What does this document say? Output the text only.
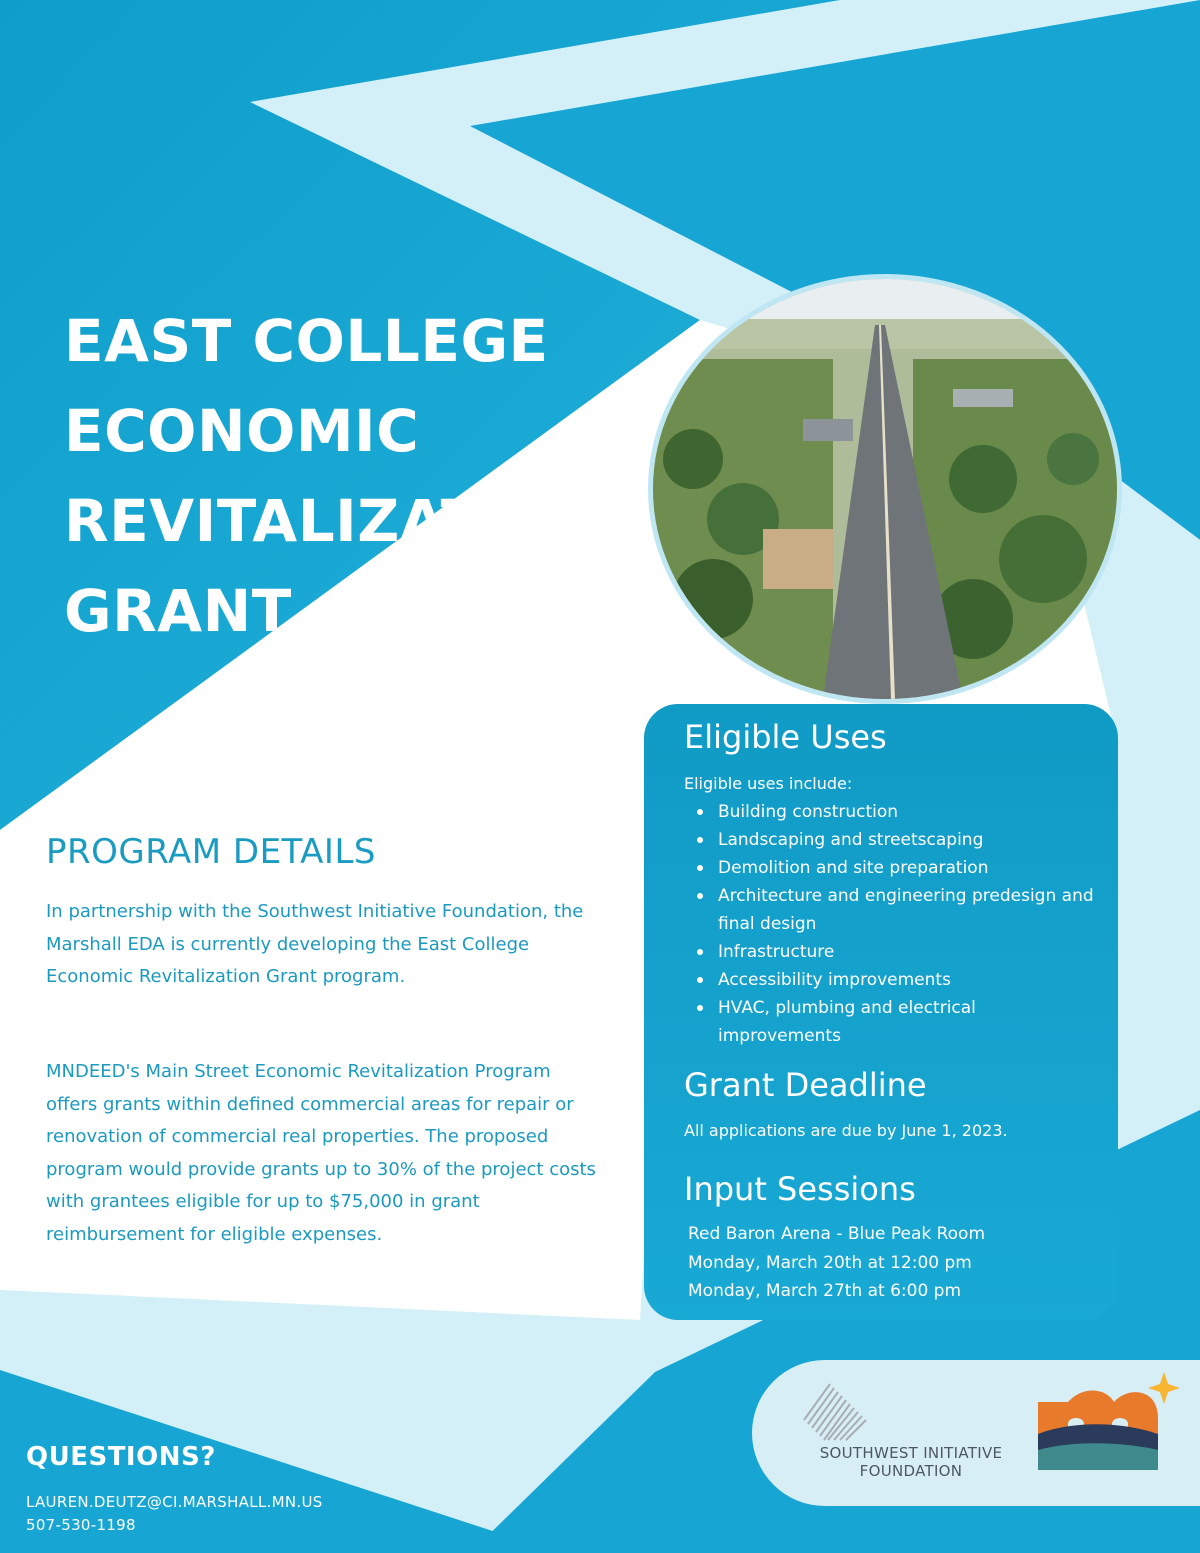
EAST COLLEGE
ECONOMIC
REVITALIZATION
GRANT
PROGRAM DETAILS

In partnership with the Southwest Initiative Foundation, the Marshall EDA is currently developing the East College Economic Revitalization Grant program.

MNDEED's Main Street Economic Revitalization Program offers grants within defined commercial areas for repair or renovation of commercial real properties. The proposed program would provide grants up to 30% of the project costs with grantees eligible for up to $75,000 in grant reimbursement for eligible expenses.

Eligible Uses

Eligible uses include:

Building construction
Landscaping and streetscaping
Demolition and site preparation
Architecture and engineering predesign and final design
Infrastructure
Accessibility improvements
HVAC, plumbing and electrical improvements
Grant Deadline

All applications are due by June 1, 2023.

Input Sessions
Red Baron Arena - Blue Peak Room
Monday, March 20th at 12:00 pm
Monday, March 27th at 6:00 pm
SOUTHWEST INITIATIVE
FOUNDATION
QUESTIONS?

LAUREN.DEUTZ@CI.MARSHALL.MN.US

507-530-1198
